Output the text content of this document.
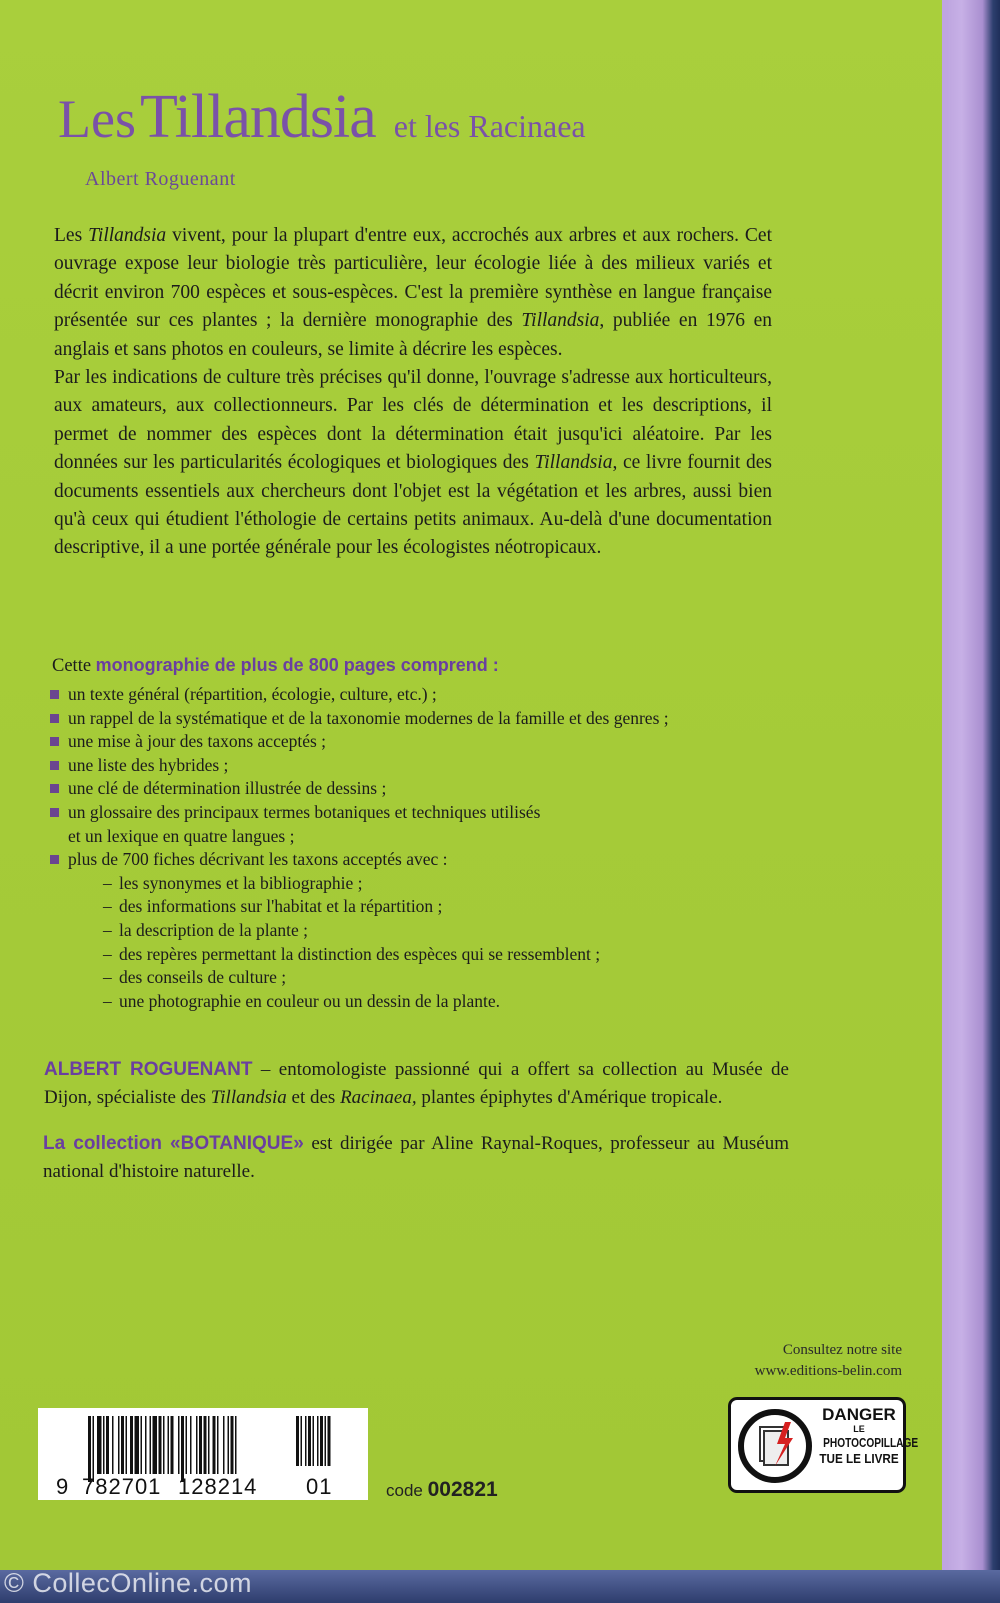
Les Tillandsia et les Racinaea
Albert Roguenant
Les Tillandsia vivent, pour la plupart d'entre eux, accrochés aux arbres et aux rochers. Cet ouvrage expose leur biologie très particulière, leur écologie liée à des milieux variés et décrit environ 700 espèces et sous-espèces. C'est la première synthèse en langue française présentée sur ces plantes ; la dernière monographie des Tillandsia, publiée en 1976 en anglais et sans photos en couleurs, se limite à décrire les espèces.
Par les indications de culture très précises qu'il donne, l'ouvrage s'adresse aux horticulteurs, aux amateurs, aux collectionneurs. Par les clés de détermination et les descriptions, il permet de nommer des espèces dont la détermination était jusqu'ici aléatoire. Par les données sur les particularités écologiques et biologiques des Tillandsia, ce livre fournit des documents essentiels aux chercheurs dont l'objet est la végétation et les arbres, aussi bien qu'à ceux qui étudient l'éthologie de certains petits animaux. Au-delà d'une documentation descriptive, il a une portée générale pour les écologistes néotropicaux.
Cette monographie de plus de 800 pages comprend :
un texte général (répartition, écologie, culture, etc.) ;
un rappel de la systématique et de la taxonomie modernes de la famille et des genres ;
une mise à jour des taxons acceptés ;
une liste des hybrides ;
une clé de détermination illustrée de dessins ;
un glossaire des principaux termes botaniques et techniques utilisés
et un lexique en quatre langues ;
plus de 700 fiches décrivant les taxons acceptés avec :
– les synonymes et la bibliographie ;
– des informations sur l'habitat et la répartition ;
– la description de la plante ;
– des repères permettant la distinction des espèces qui se ressemblent ;
– des conseils de culture ;
– une photographie en couleur ou un dessin de la plante.
ALBERT ROGUENANT – entomologiste passionné qui a offert sa collection au Musée de Dijon, spécialiste des Tillandsia et des Racinaea, plantes épiphytes d'Amérique tropicale.
La collection «BOTANIQUE» est dirigée par Aline Raynal-Roques, professeur au Muséum national d'histoire naturelle.
Consultez notre site
www.editions-belin.com
9 782701 128214 01	code 002821
DANGER
LE
PHOTOCOPILLAGE
TUE LE LIVRE
© CollecOnline.com
